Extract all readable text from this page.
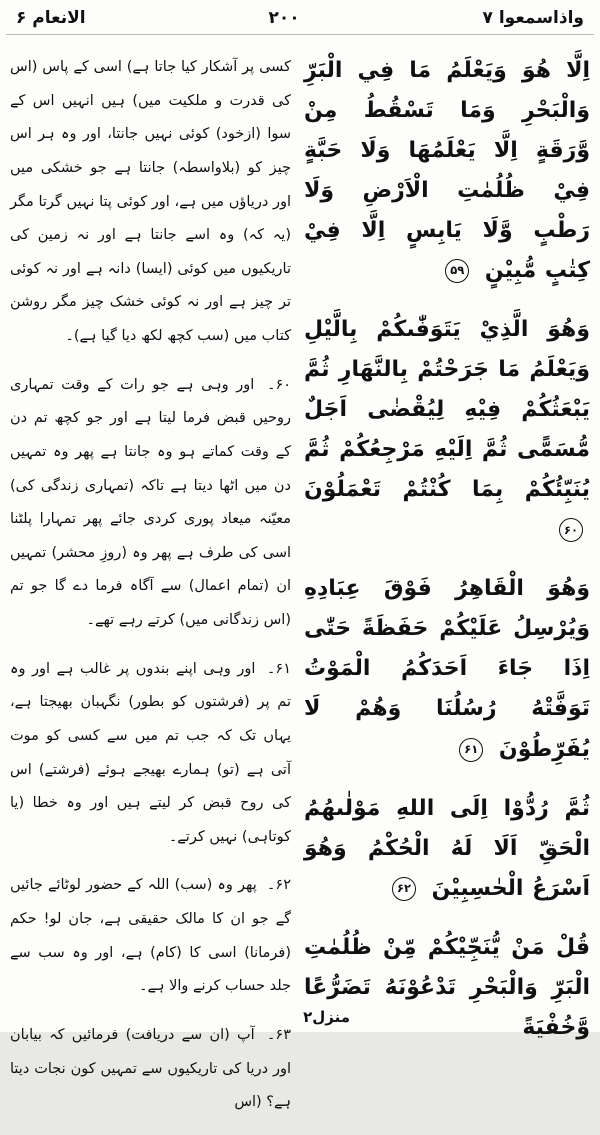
واذاسمعوا ۷
۲۰۰
الانعام ۶
اِلَّا هُوَ وَيَعْلَمُ مَا فِي الْبَرِّ وَالْبَحْرِ وَمَا تَسْقُطُ مِنْ وَّرَقَةٍ اِلَّا يَعْلَمُهَا وَلَا حَبَّةٍ فِيْ ظُلُمٰتِ الْاَرْضِ وَلَا رَطْبٍ وَّلَا يَابِسٍ اِلَّا فِيْ كِتٰبٍ مُّبِيْنٍ ۵۹
وَهُوَ الَّذِيْ يَتَوَفّٰىكُمْ بِالَّيْلِ وَيَعْلَمُ مَا جَرَحْتُمْ بِالنَّهَارِ ثُمَّ يَبْعَثُكُمْ فِيْهِ لِيُقْضٰى اَجَلٌ مُّسَمًّى ثُمَّ اِلَيْهِ مَرْجِعُكُمْ ثُمَّ يُنَبِّئُكُمْ بِمَا كُنْتُمْ تَعْمَلُوْنَ ۶۰
وَهُوَ الْقَاهِرُ فَوْقَ عِبَادِهِ وَيُرْسِلُ عَلَيْكُمْ حَفَظَةً حَتّٰى اِذَا جَاءَ اَحَدَكُمُ الْمَوْتُ تَوَفَّتْهُ رُسُلُنَا وَهُمْ لَا يُفَرِّطُوْنَ ۶۱
ثُمَّ رُدُّوْا اِلَى اللهِ مَوْلٰىهُمُ الْحَقِّ اَلَا لَهُ الْحُكْمُ وَهُوَ اَسْرَعُ الْحٰسِبِيْنَ ۶۲
قُلْ مَنْ يُّنَجِّيْكُمْ مِّنْ ظُلُمٰتِ الْبَرِّ وَالْبَحْرِ تَدْعُوْنَهُ تَضَرُّعًا وَّخُفْيَةً

کسی پر آشکار کیا جاتا ہے) اسی کے پاس (اس کی قدرت و ملکیت میں) ہیں انہیں اس کے سوا (ازخود) کوئی نہیں جانتا، اور وہ ہر اس چیز کو (بلاواسطہ) جانتا ہے جو خشکی میں اور دریاؤں میں ہے، اور کوئی پتا نہیں گرتا مگر (یہ کہ) وہ اسے جانتا ہے اور نہ زمین کی تاریکیوں میں کوئی (ایسا) دانہ ہے اور نہ کوئی تر چیز ہے اور نہ کوئی خشک چیز مگر روشن کتاب میں (سب کچھ لکھ دیا گیا ہے)۔

۶۰۔ اور وہی ہے جو رات کے وقت تمہاری روحیں قبض فرما لیتا ہے اور جو کچھ تم دن کے وقت کماتے ہو وہ جانتا ہے پھر وہ تمہیں دن میں اٹھا دیتا ہے تاکہ (تمہاری زندگی کی) معیّنہ میعاد پوری کردی جائے پھر تمہارا پلٹنا اسی کی طرف ہے پھر وہ (روزِ محشر) تمہیں ان (تمام اعمال) سے آگاہ فرما دے گا جو تم (اس زندگانی میں) کرتے رہے تھے۔

۶۱۔ اور وہی اپنے بندوں پر غالب ہے اور وہ تم پر (فرشتوں کو بطور) نگہبان بھیجتا ہے، یہاں تک کہ جب تم میں سے کسی کو موت آتی ہے (تو) ہمارے بھیجے ہوئے (فرشتے) اس کی روح قبض کر لیتے ہیں اور وہ خطا (یا کوتاہی) نہیں کرتے۔

۶۲۔ پھر وہ (سب) اللہ کے حضور لوٹائے جائیں گے جو ان کا مالک حقیقی ہے، جان لو! حکم (فرمانا) اسی کا (کام) ہے، اور وہ سب سے جلد حساب کرنے والا ہے۔

۶۳۔ آپ (ان سے دریافت) فرمائیں کہ بیابان اور دریا کی تاریکیوں سے تمہیں کون نجات دیتا ہے؟ (اس

منزل۲
